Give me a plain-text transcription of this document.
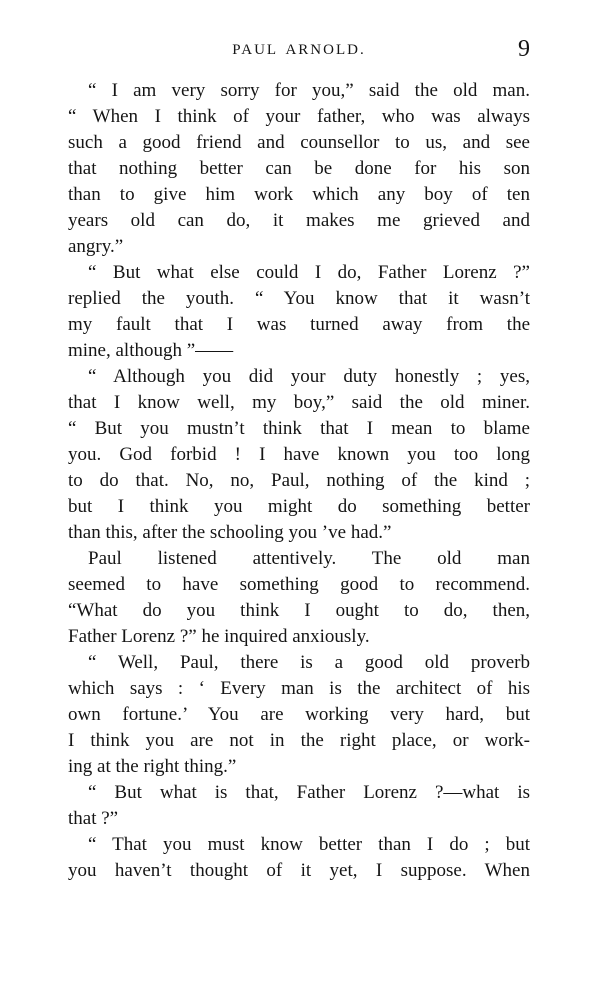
PAUL ARNOLD.	9
“ I am very sorry for you,” said the old man.
“ When I think of your father, who was always
such a good friend and counsellor to us, and see
that nothing better can be done for his son
than to give him work which any boy of ten
years old can do, it makes me grieved and
angry.”
“ But what else could I do, Father Lorenz ?”
replied the youth. “ You know that it wasn’t
my fault that I was turned away from the
mine, although ”——
“ Although you did your duty honestly ; yes,
that I know well, my boy,” said the old miner.
“ But you mustn’t think that I mean to blame
you. God forbid ! I have known you too long
to do that. No, no, Paul, nothing of the kind ;
but I think you might do something better
than this, after the schooling you ’ve had.”
Paul listened attentively. The old man
seemed to have something good to recommend.
“What do you think I ought to do, then,
Father Lorenz ?” he inquired anxiously.
“ Well, Paul, there is a good old proverb
which says : ‘ Every man is the architect of his
own fortune.’ You are working very hard, but
I think you are not in the right place, or work-
ing at the right thing.”
“ But what is that, Father Lorenz ?—what is
that ?”
“ That you must know better than I do ; but
you haven’t thought of it yet, I suppose. When
